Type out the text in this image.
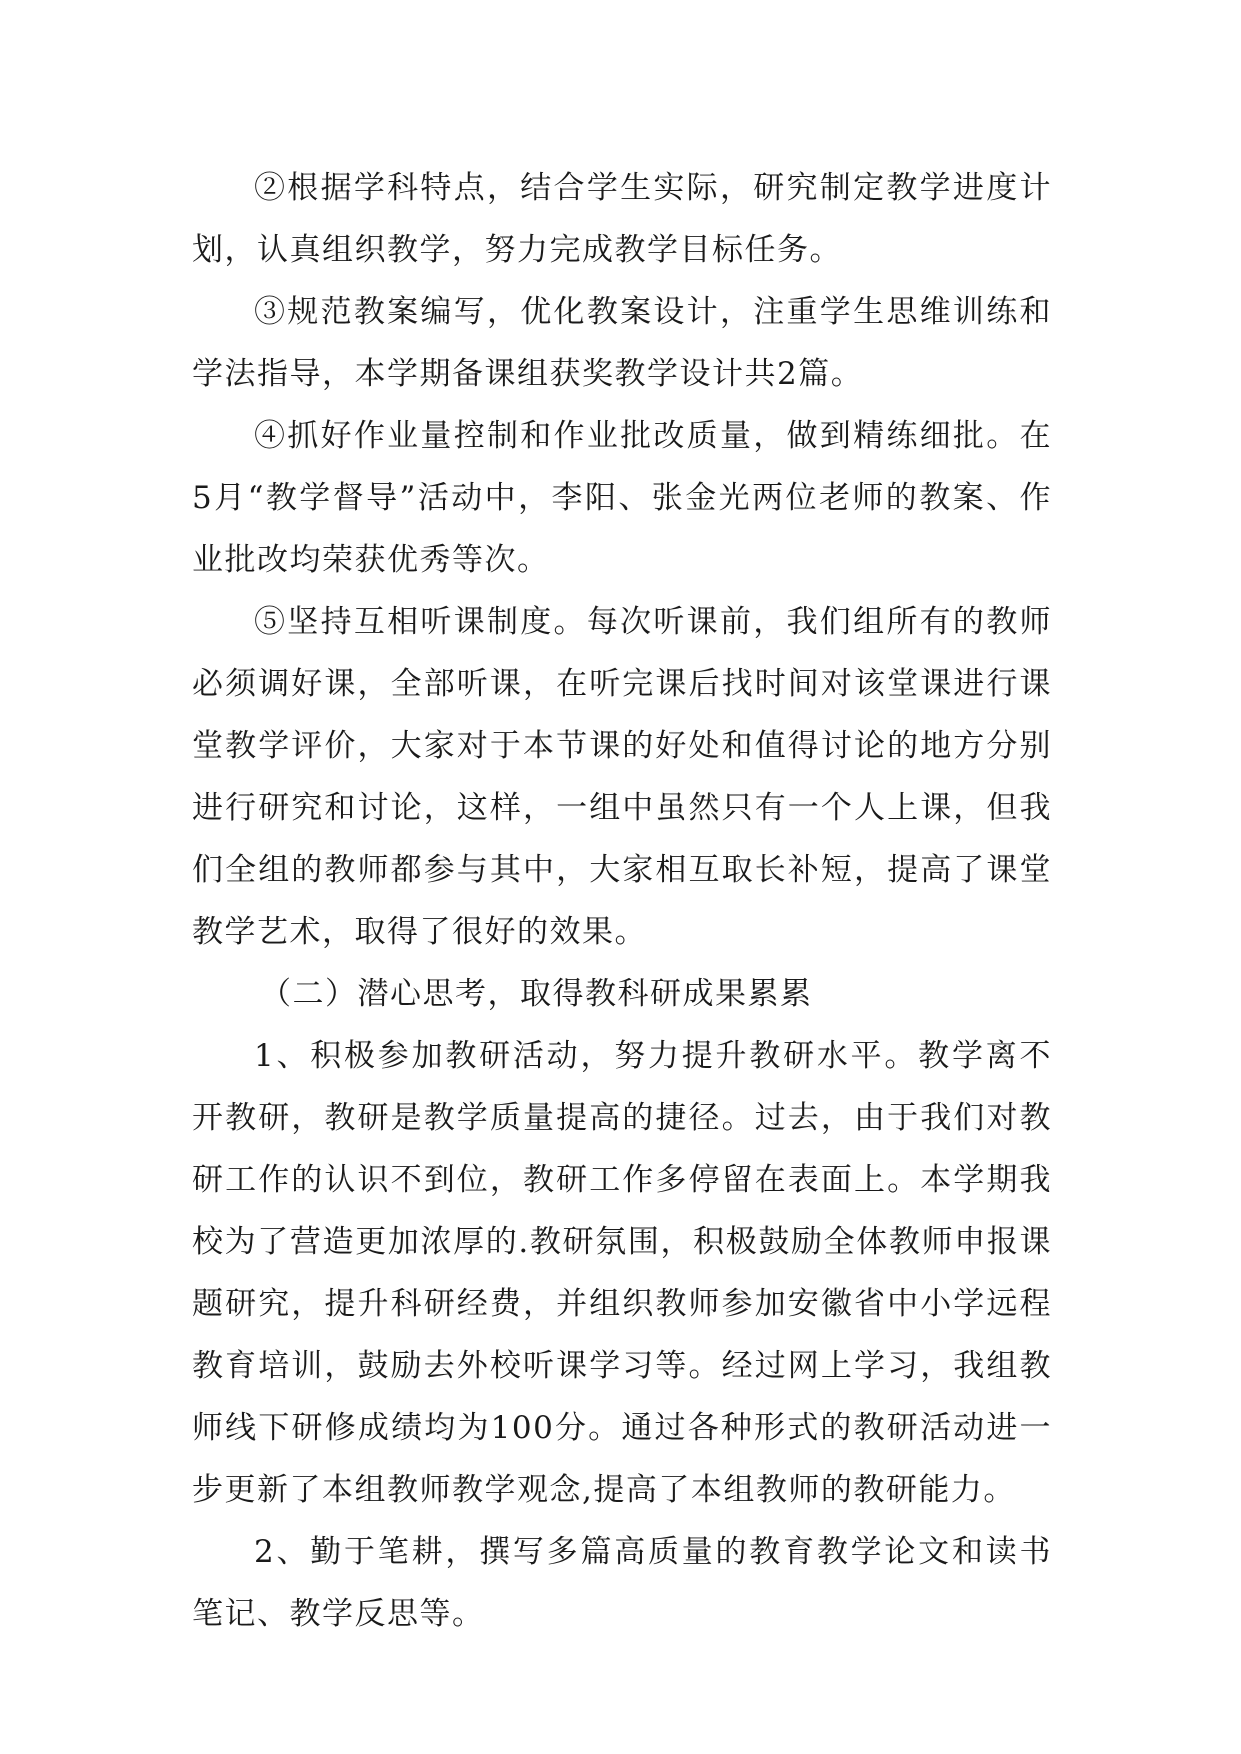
②根据学科特点，结合学生实际，研究制定教学进度计划，认真组织教学，努力完成教学目标任务。

③规范教案编写，优化教案设计，注重学生思维训练和学法指导，本学期备课组获奖教学设计共2篇。

④抓好作业量控制和作业批改质量，做到精练细批。在5月“教学督导”活动中，李阳、张金光两位老师的教案、作业批改均荣获优秀等次。

⑤坚持互相听课制度。每次听课前，我们组所有的教师必须调好课，全部听课，在听完课后找时间对该堂课进行课堂教学评价，大家对于本节课的好处和值得讨论的地方分别进行研究和讨论，这样，一组中虽然只有一个人上课，但我们全组的教师都参与其中，大家相互取长补短，提高了课堂教学艺术，取得了很好的效果。

（二）潜心思考，取得教科研成果累累

1、积极参加教研活动，努力提升教研水平。教学离不开教研，教研是教学质量提高的捷径。过去，由于我们对教研工作的认识不到位，教研工作多停留在表面上。本学期我校为了营造更加浓厚的.教研氛围，积极鼓励全体教师申报课题研究，提升科研经费，并组织教师参加安徽省中小学远程教育培训，鼓励去外校听课学习等。经过网上学习，我组教师线下研修成绩均为100分。通过各种形式的教研活动进一步更新了本组教师教学观念,提高了本组教师的教研能力。

2、勤于笔耕，撰写多篇高质量的教育教学论文和读书笔记、教学反思等。
